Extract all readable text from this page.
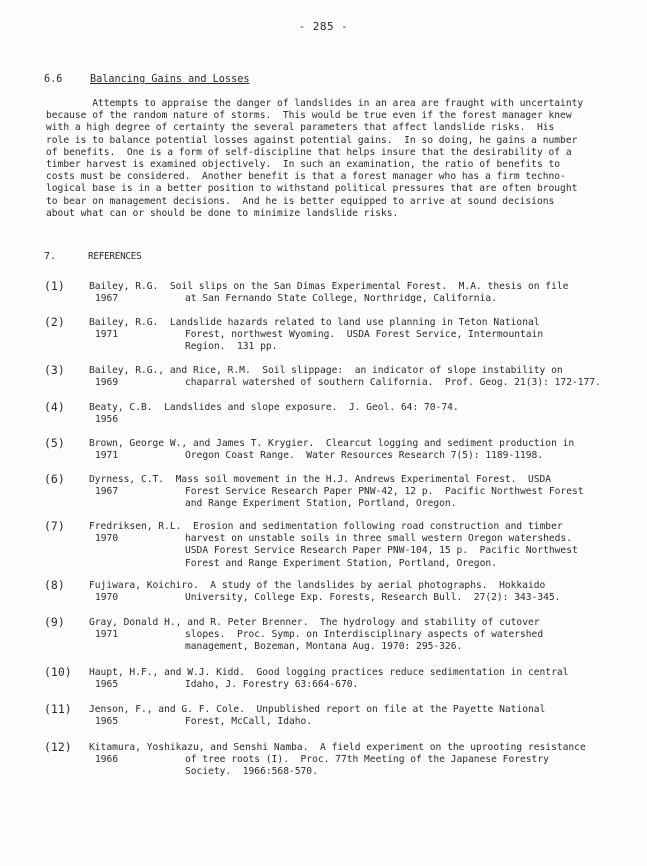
- 285 -
6.6	Balancing Gains and Losses
Attempts to appraise the danger of landslides in an area are fraught with uncertainty
because of the random nature of storms.  This would be true even if the forest manager knew
with a high degree of certainty the several parameters that affect landslide risks.  His
role is to balance potential losses against potential gains.  In so doing, he gains a number
of benefits.  One is a form of self-discipline that helps insure that the desirability of a
timber harvest is examined objectively.  In such an examination, the ratio of benefits to
costs must be considered.  Another benefit is that a forest manager who has a firm techno-
logical base is in a better position to withstand political pressures that are often brought
to bear on management decisions.  And he is better equipped to arrive at sound decisions
about what can or should be done to minimize landslide risks.
7.	REFERENCES
(1)	Bailey, R.G.  Soil slips on the San Dimas Experimental Forest.  M.A. thesis on file
1967	at San Fernando State College, Northridge, California.
(2)	Bailey, R.G.  Landslide hazards related to land use planning in Teton National
1971	Forest, northwest Wyoming.  USDA Forest Service, Intermountain
Region.  131 pp.
(3)	Bailey, R.G., and Rice, R.M.  Soil slippage:  an indicator of slope instability on
1969	chaparral watershed of southern California.  Prof. Geog. 21(3): 172-177.
(4)	Beaty, C.B.  Landslides and slope exposure.  J. Geol. 64: 70-74.
1956
(5)	Brown, George W., and James T. Krygier.  Clearcut logging and sediment production in
1971	Oregon Coast Range.  Water Resources Research 7(5): 1189-1198.
(6)	Dyrness, C.T.  Mass soil movement in the H.J. Andrews Experimental Forest.  USDA
1967	Forest Service Research Paper PNW-42, 12 p.  Pacific Northwest Forest
and Range Experiment Station, Portland, Oregon.
(7)	Fredriksen, R.L.  Erosion and sedimentation following road construction and timber
1970	harvest on unstable soils in three small western Oregon watersheds.
USDA Forest Service Research Paper PNW-104, 15 p.  Pacific Northwest
Forest and Range Experiment Station, Portland, Oregon.
(8)	Fujiwara, Koichiro.  A study of the landslides by aerial photographs.  Hokkaido
1970	University, College Exp. Forests, Research Bull.  27(2): 343-345.
(9)	Gray, Donald H., and R. Peter Brenner.  The hydrology and stability of cutover
1971	slopes.  Proc. Symp. on Interdisciplinary aspects of watershed
management, Bozeman, Montana Aug. 1970: 295-326.
(10) Haupt, H.F., and W.J. Kidd.  Good logging practices reduce sedimentation in central
1965	Idaho, J. Forestry 63:664-670.
(11) Jenson, F., and G. F. Cole.  Unpublished report on file at the Payette National
1965	Forest, McCall, Idaho.
(12) Kitamura, Yoshikazu, and Senshi Namba.  A field experiment on the uprooting resistance
1966	of tree roots (I).  Proc. 77th Meeting of the Japanese Forestry
Society.  1966:568-570.
